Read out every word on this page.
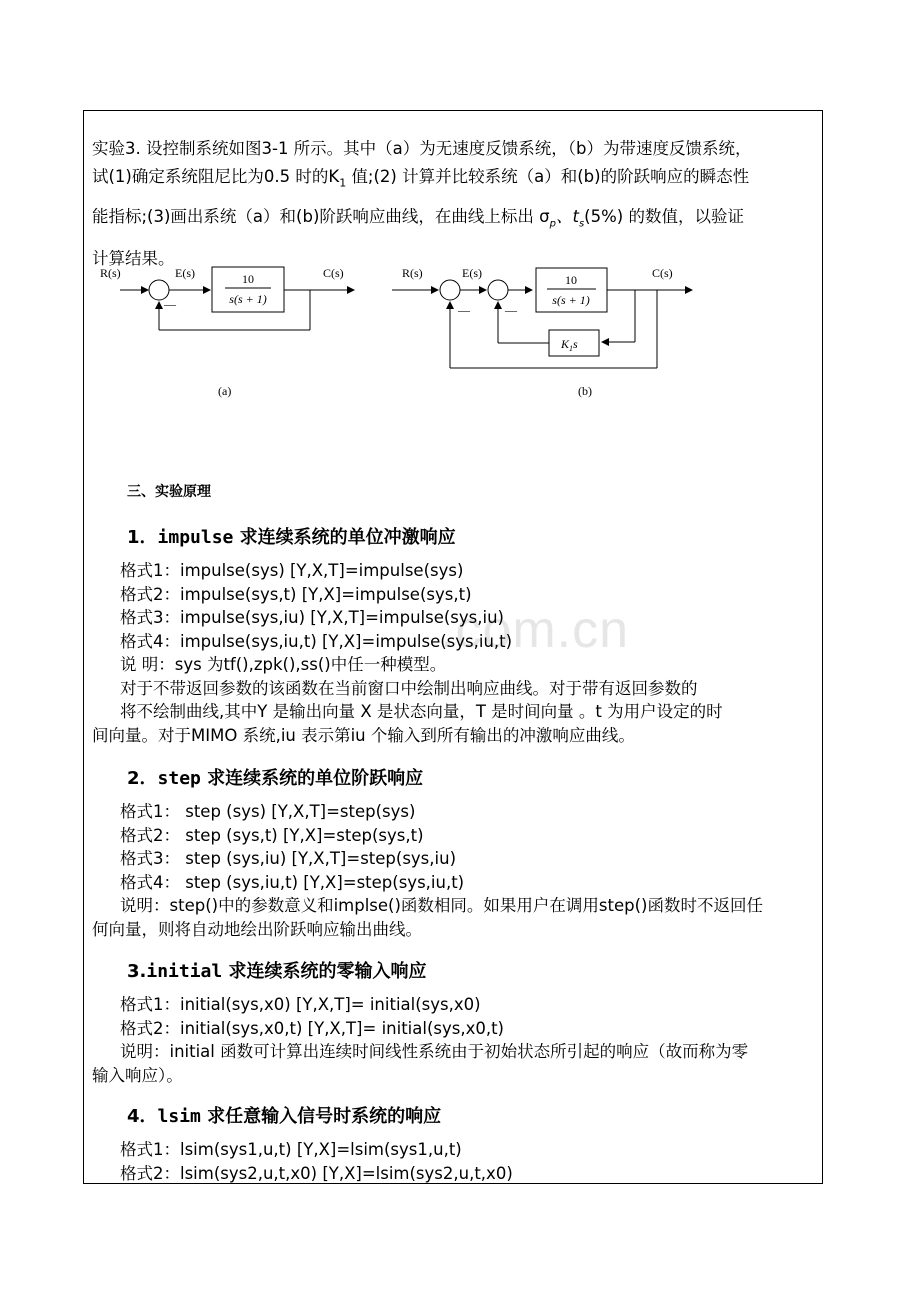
.com.cn
实验3. 设控制系统如图3-1 所示。其中（a）为无速度反馈系统，（b）为带速度反馈系统，
试(1)确定系统阻尼比为0.5 时的$K_1$ 值;(2) 计算并比较系统（a）和(b)的阶跃响应的瞬态性
能指标;(3)画出系统（a）和(b)阶跃响应曲线，在曲线上标出 $\sigma_p$、$t_s(5\%)$ 的数值，以验证
计算结果。
R(s)	E(s)	C(s)
—
10
s(s + 1)
(a)
R(s)	E(s)	C(s)
—	—
10
s(s + 1)
$K_1s$
(b)
三、实验原理
1．impulse 求连续系统的单位冲激响应
格式1：impulse(sys) [Y,X,T]=impulse(sys)
格式2：impulse(sys,t) [Y,X]=impulse(sys,t)
格式3：impulse(sys,iu) [Y,X,T]=impulse(sys,iu)
格式4：impulse(sys,iu,t) [Y,X]=impulse(sys,iu,t)
说 明：sys 为tf(),zpk(),ss()中任一种模型。
对于不带返回参数的该函数在当前窗口中绘制出响应曲线。对于带有返回参数的
将不绘制曲线,其中Y 是输出向量 X 是状态向量，T 是时间向量 。t 为用户设定的时
间向量。对于MIMO 系统,iu 表示第iu 个输入到所有输出的冲激响应曲线。
2．step 求连续系统的单位阶跃响应
格式1： step (sys) [Y,X,T]=step(sys)
格式2： step (sys,t) [Y,X]=step(sys,t)
格式3： step (sys,iu) [Y,X,T]=step(sys,iu)
格式4： step (sys,iu,t) [Y,X]=step(sys,iu,t)
说明：step()中的参数意义和implse()函数相同。如果用户在调用step()函数时不返回任
何向量，则将自动地绘出阶跃响应输出曲线。
3.initial 求连续系统的零输入响应
格式1：initial(sys,x0) [Y,X,T]= initial(sys,x0)
格式2：initial(sys,x0,t) [Y,X,T]= initial(sys,x0,t)
说明：initial 函数可计算出连续时间线性系统由于初始状态所引起的响应（故而称为零
输入响应）。
4．lsim 求任意输入信号时系统的响应
格式1：lsim(sys1,u,t) [Y,X]=lsim(sys1,u,t)
格式2：lsim(sys2,u,t,x0) [Y,X]=lsim(sys2,u,t,x0)
